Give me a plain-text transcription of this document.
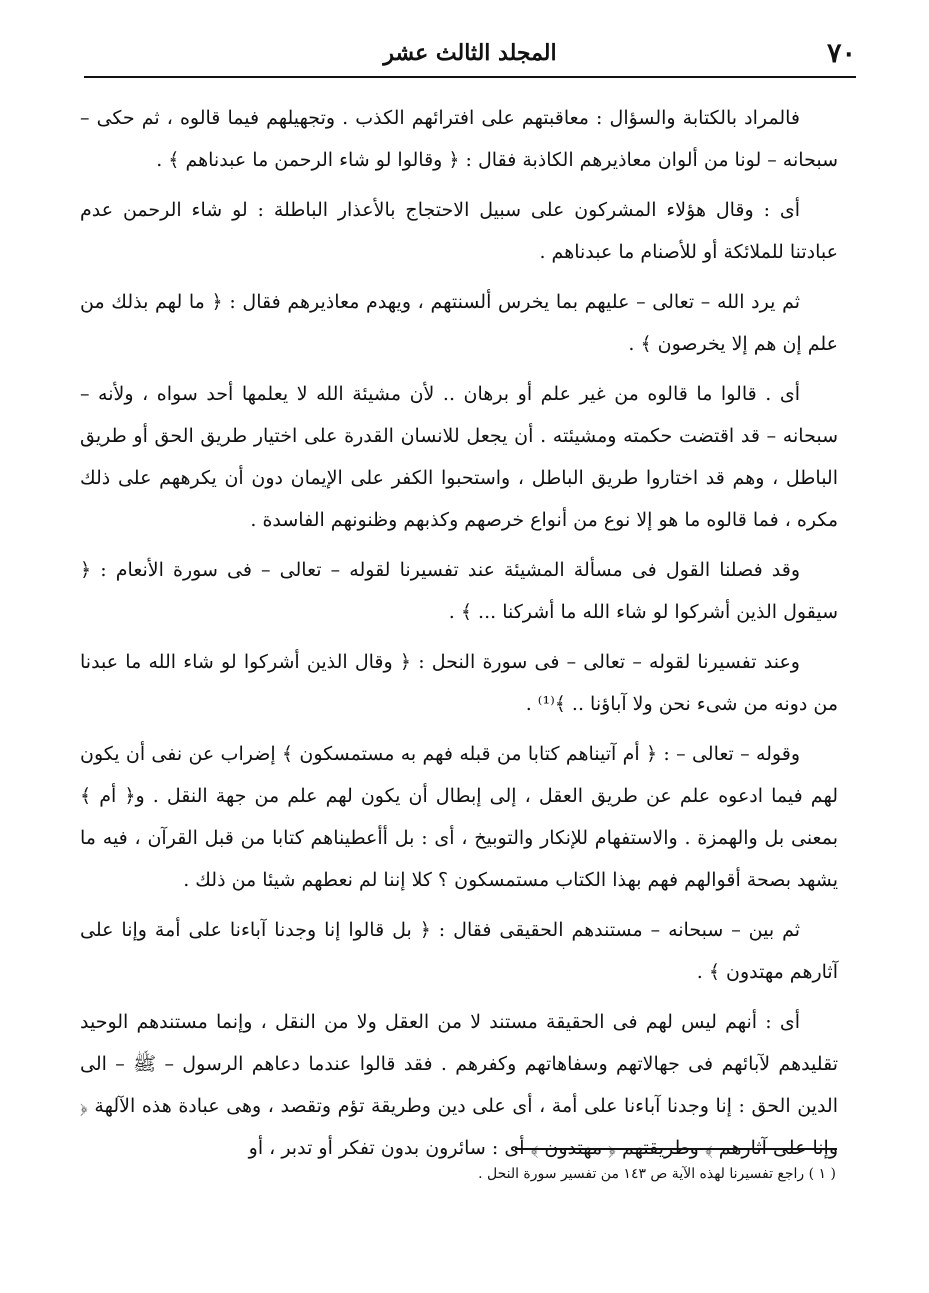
٧٠
المجلد الثالث عشر

فالمراد بالكتابة والسؤال : معاقبتهم على افترائهم الكذب . وتجهيلهم فيما قالوه ، ثم حكى – سبحانه – لونا من ألوان معاذيرهم الكاذبة فقال : ﴿ وقالوا لو شاء الرحمن ما عبدناهم ﴾ .

أى : وقال هؤلاء المشركون على سبيل الاحتجاج بالأعذار الباطلة : لو شاء الرحمن عدم عبادتنا للملائكة أو للأصنام ما عبدناهم .

ثم يرد الله – تعالى – عليهم بما يخرس ألسنتهم ، ويهدم معاذيرهم فقال : ﴿ ما لهم بذلك من علم إن هم إلا يخرصون ﴾ .

أى . قالوا ما قالوه من غير علم أو برهان .. لأن مشيئة الله لا يعلمها أحد سواه ، ولأنه – سبحانه – قد اقتضت حكمته ومشيئته . أن يجعل للانسان القدرة على اختيار طريق الحق أو طريق الباطل ، وهم قد اختاروا طريق الباطل ، واستحبوا الكفر على الإيمان دون أن يكرههم على ذلك مكره ، فما قالوه ما هو إلا نوع من أنواع خرصهم وكذبهم وظنونهم الفاسدة .

وقد فصلنا القول فى مسألة المشيئة عند تفسيرنا لقوله – تعالى – فى سورة الأنعام : ﴿ سيقول الذين أشركوا لو شاء الله ما أشركنا ... ﴾ .

وعند تفسيرنا لقوله – تعالى – فى سورة النحل : ﴿ وقال الذين أشركوا لو شاء الله ما عبدنا من دونه من شىء نحن ولا آباؤنا .. ﴾⁽¹⁾ .

وقوله – تعالى – : ﴿ أم آتيناهم كتابا من قبله فهم به مستمسكون ﴾ إضراب عن نفى أن يكون لهم فيما ادعوه علم عن طريق العقل ، إلى إبطال أن يكون لهم علم من جهة النقل . و﴿ أم ﴾ بمعنى بل والهمزة . والاستفهام للإنكار والتوبيخ ، أى : بل أأعطيناهم كتابا من قبل القرآن ، فيه ما يشهد بصحة أقوالهم فهم بهذا الكتاب مستمسكون ؟ كلا إننا لم نعطهم شيئا من ذلك .

ثم بين – سبحانه – مستندهم الحقيقى فقال : ﴿ بل قالوا إنا وجدنا آباءنا على أمة وإنا على آثارهم مهتدون ﴾ .

أى : أنهم ليس لهم فى الحقيقة مستند لا من العقل ولا من النقل ، وإنما مستندهم الوحيد تقليدهم لآبائهم فى جهالاتهم وسفاهاتهم وكفرهم . فقد قالوا عندما دعاهم الرسول – ﷺ – الى الدين الحق : إنا وجدنا آباءنا على أمة ، أى على دين وطريقة تؤم وتقصد ، وهى عبادة هذه الآلهة ﴿ وإنا على آثارهم ﴾ وطريقتهم ﴿ مهتدون ﴾ أى : سائرون بدون تفكر أو تدبر ، أو

( ١ ) راجع تفسيرنا لهذه الآية ص ١٤٣ من تفسير سورة النحل .
